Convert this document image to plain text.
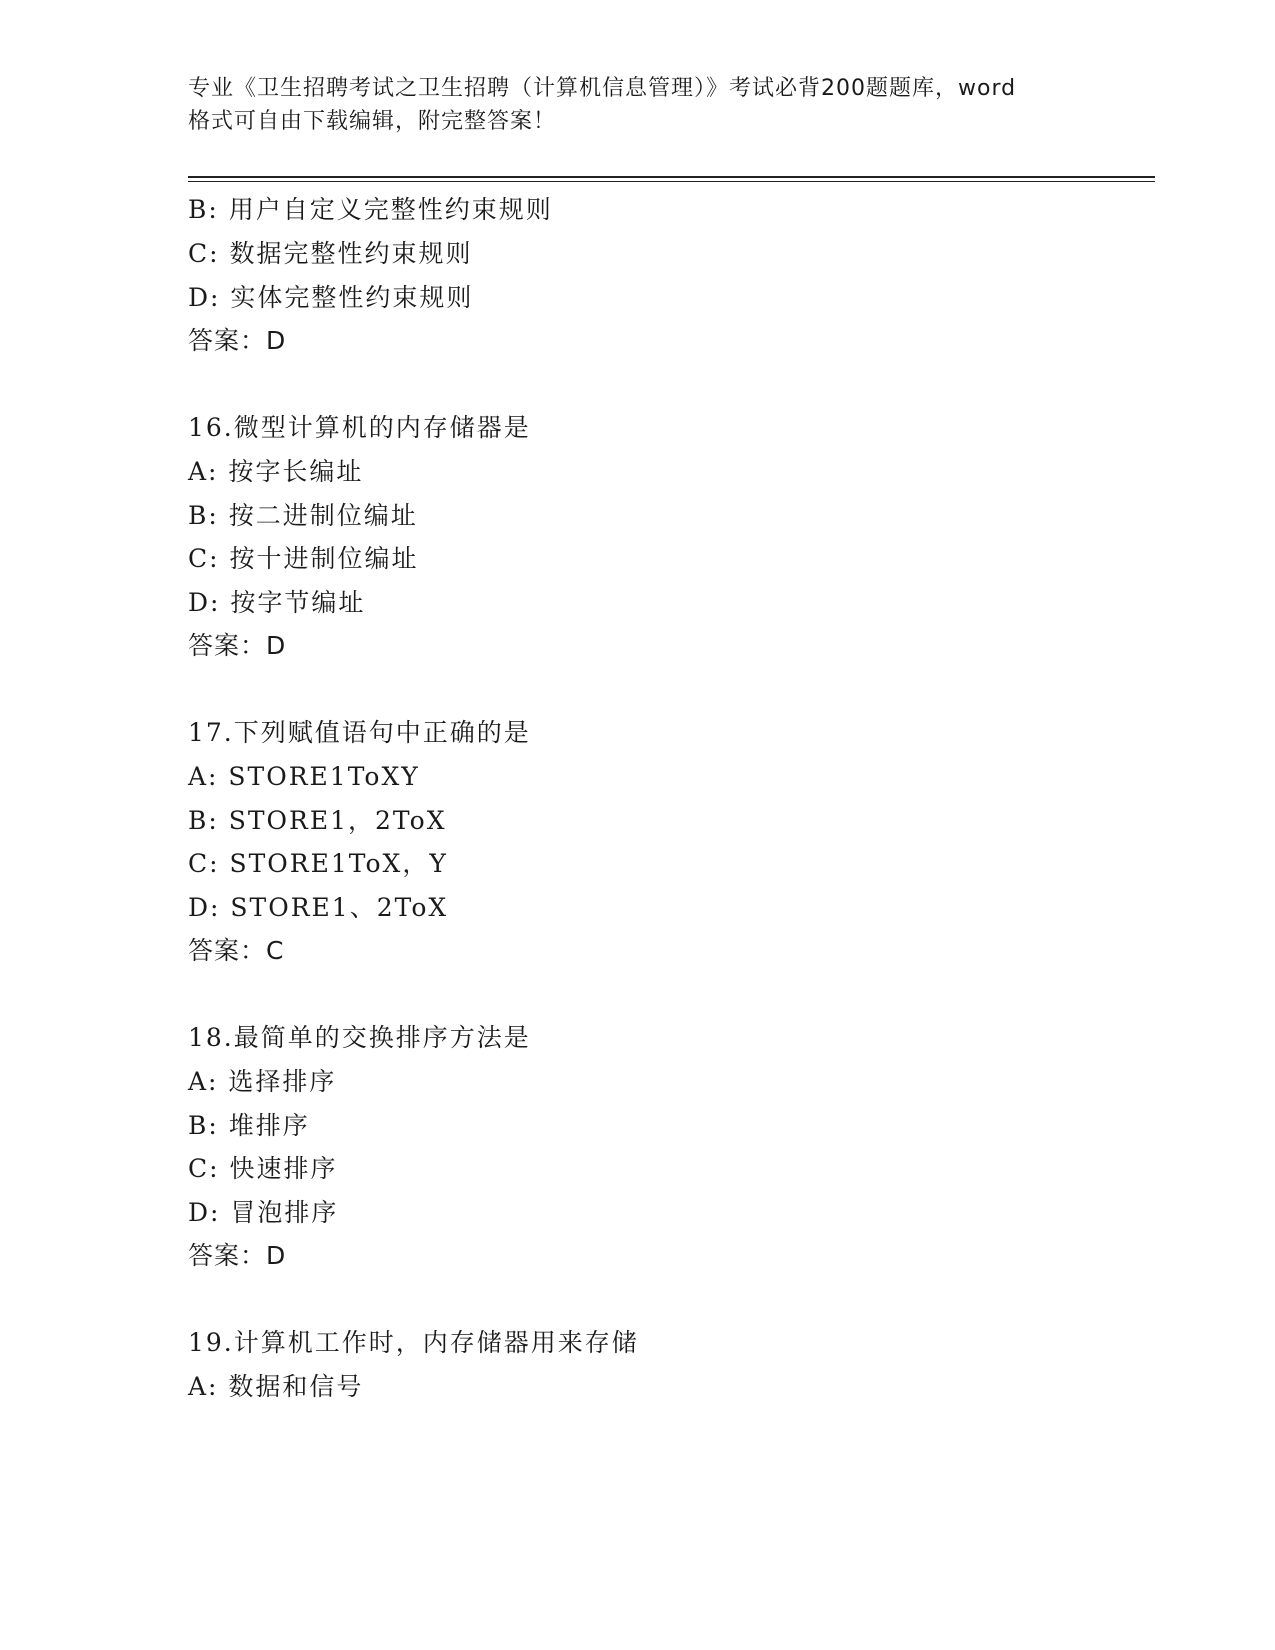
专业《卫生招聘考试之卫生招聘（计算机信息管理）》考试必背200题题库，word
格式可自由下载编辑，附完整答案！
B: 用户自定义完整性约束规则
C: 数据完整性约束规则
D: 实体完整性约束规则
答案：D
16.微型计算机的内存储器是
A: 按字长编址
B: 按二进制位编址
C: 按十进制位编址
D: 按字节编址
答案：D
17.下列赋值语句中正确的是
A: STORE1ToXY
B: STORE1，2ToX
C: STORE1ToX，Y
D: STORE1、2ToX
答案：C
18.最简单的交换排序方法是
A: 选择排序
B: 堆排序
C: 快速排序
D: 冒泡排序
答案：D
19.计算机工作时，内存储器用来存储
A: 数据和信号
